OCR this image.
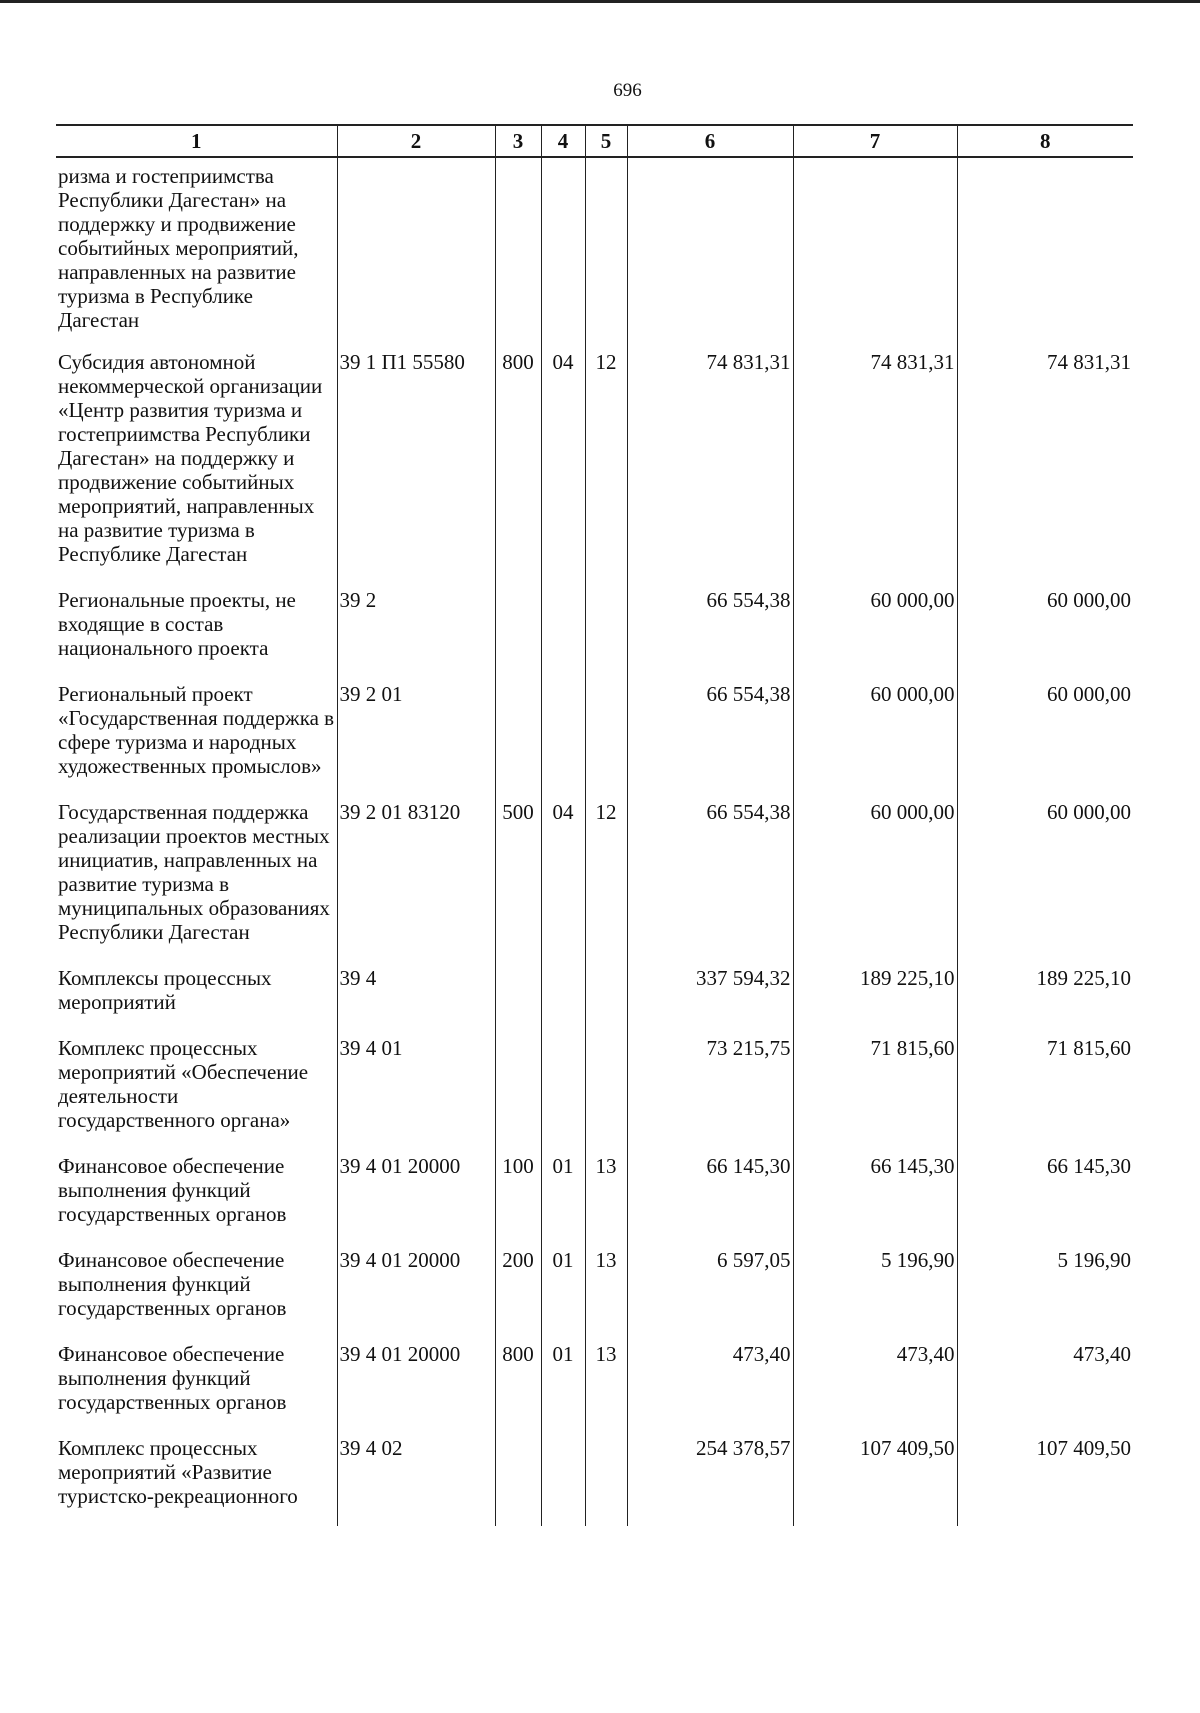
696
1	2	3	4	5	6	7	8
ризма и гостеприимства Республики Дагестан» на поддержку и продвижение событийных мероприятий, направленных на развитие туризма в Республике Дагестан							
Субсидия автономной некоммерческой организации «Центр развития туризма и гостеприимства Республики Дагестан» на поддержку и продвижение событийных мероприятий, направленных на развитие туризма в Республике Дагестан	39 1 П1 55580	800	04	12	74 831,31	74 831,31	74 831,31
Региональные проекты, не входящие в состав национального проекта	39 2				66 554,38	60 000,00	60 000,00
Региональный проект «Государственная поддержка в сфере туризма и народных художественных промыслов»	39 2 01				66 554,38	60 000,00	60 000,00
Государственная поддержка реализации проектов местных инициатив, направленных на развитие туризма в муниципальных образованиях Республики Дагестан	39 2 01 83120	500	04	12	66 554,38	60 000,00	60 000,00
Комплексы процессных мероприятий	39 4				337 594,32	189 225,10	189 225,10
Комплекс процессных мероприятий «Обеспечение деятельности государственного органа»	39 4 01				73 215,75	71 815,60	71 815,60
Финансовое обеспечение выполнения функций государственных органов	39 4 01 20000	100	01	13	66 145,30	66 145,30	66 145,30
Финансовое обеспечение выполнения функций государственных органов	39 4 01 20000	200	01	13	6 597,05	5 196,90	5 196,90
Финансовое обеспечение выполнения функций государственных органов	39 4 01 20000	800	01	13	473,40	473,40	473,40
Комплекс процессных мероприятий «Развитие туристско-рекреационного	39 4 02				254 378,57	107 409,50	107 409,50
